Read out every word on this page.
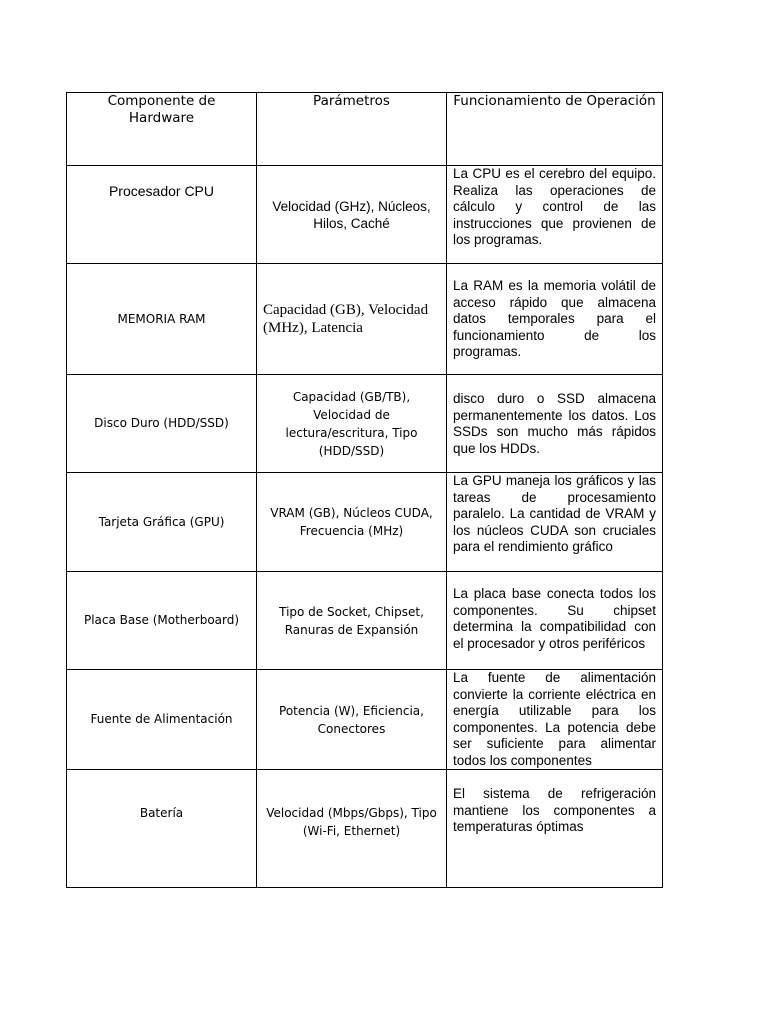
Componente de Hardware	Parámetros	Funcionamiento de Operación
Procesador CPU	Velocidad (GHz), Núcleos, Hilos, Caché	La CPU es el cerebro del equipo. Realiza las operaciones de cálculo y control de las instrucciones que provienen de los programas.
MEMORIA RAM	Capacidad (GB), Velocidad (MHz), Latencia	La RAM es la memoria volátil de acceso rápido que almacena datos temporales para el funcionamiento de los programas.
Disco Duro (HDD/SSD)	Capacidad (GB/TB), Velocidad de lectura/escritura, Tipo (HDD/SSD)	disco duro o SSD almacena permanentemente los datos. Los SSDs son mucho más rápidos que los HDDs.
Tarjeta Gráfica (GPU)	VRAM (GB), Núcleos CUDA, Frecuencia (MHz)	La GPU maneja los gráficos y las tareas de procesamiento paralelo. La cantidad de VRAM y los núcleos CUDA son cruciales para el rendimiento gráfico
Placa Base (Motherboard)	Tipo de Socket, Chipset, Ranuras de Expansión	La placa base conecta todos los componentes. Su chipset determina la compatibilidad con el procesador y otros periféricos
Fuente de Alimentación	Potencia (W), Eficiencia, Conectores	La fuente de alimentación convierte la corriente eléctrica en energía utilizable para los componentes. La potencia debe ser suficiente para alimentar todos los componentes
Batería	Velocidad (Mbps/Gbps), Tipo (Wi-Fi, Ethernet)	El sistema de refrigeración mantiene los componentes a temperaturas óptimas
